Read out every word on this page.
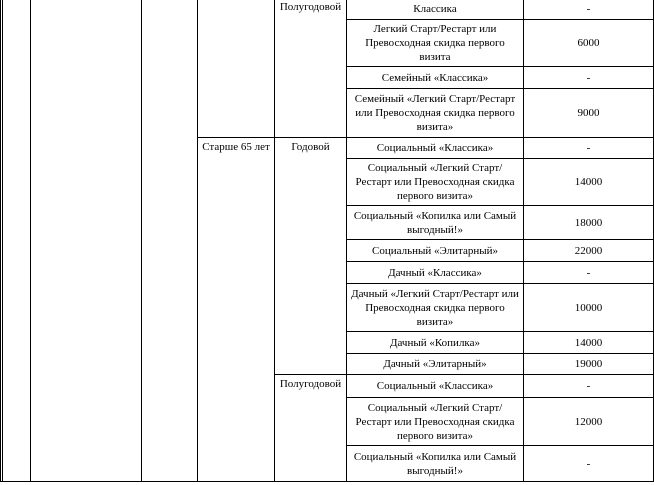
					Полугодовой	Классика	-
						Легкий Старт/Рестарт или Превосходная скидка первого визита	6000
						Семейный «Классика»	-
						Семейный «Легкий Старт/Рестарт или Превосходная скидка первого визита»	9000
				Старше 65 лет	Годовой	Социальный «Классика»	-
						Социальный «Легкий Старт/Рестарт или Превосходная скидка первого визита»	14000
						Социальный «Копилка или Самый выгодный!»	18000
						Социальный «Элитарный»	22000
						Дачный «Классика»	-
						Дачный «Легкий Старт/Рестарт или Превосходная скидка первого визита»	10000
						Дачный «Копилка»	14000
						Дачный «Элитарный»	19000
					Полугодовой	Социальный «Классика»	-
						Социальный «Легкий Старт/Рестарт или Превосходная скидка первого визита»	12000
						Социальный «Копилка или Самый выгодный!»	-
